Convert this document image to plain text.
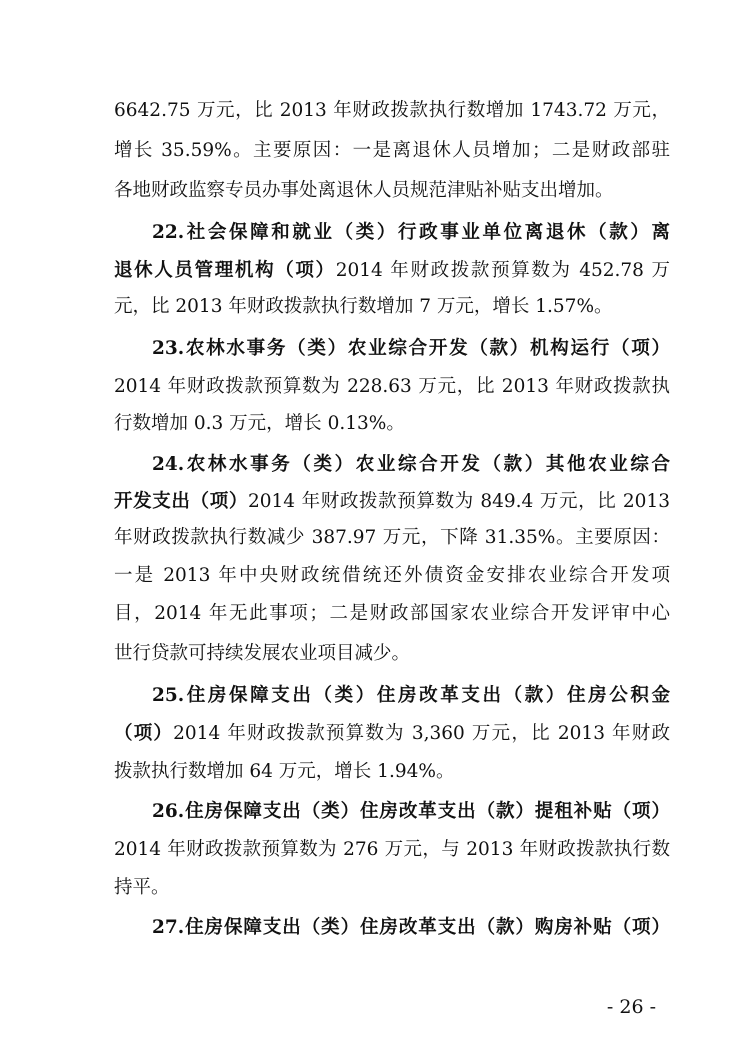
6642.75 万元，比 2013 年财政拨款执行数增加 1743.72 万元，
增长 35.59%。主要原因：一是离退休人员增加；二是财政部驻
各地财政监察专员办事处离退休人员规范津贴补贴支出增加。
22.社会保障和就业（类）行政事业单位离退休（款）离
退休人员管理机构（项）2014 年财政拨款预算数为 452.78 万
元，比 2013 年财政拨款执行数增加 7 万元，增长 1.57%。
23.农林水事务（类）农业综合开发（款）机构运行（项）
2014 年财政拨款预算数为 228.63 万元，比 2013 年财政拨款执
行数增加 0.3 万元，增长 0.13%。
24.农林水事务（类）农业综合开发（款）其他农业综合
开发支出（项）2014 年财政拨款预算数为 849.4 万元，比 2013
年财政拨款执行数减少 387.97 万元，下降 31.35%。主要原因：
一是 2013 年中央财政统借统还外债资金安排农业综合开发项
目，2014 年无此事项；二是财政部国家农业综合开发评审中心
世行贷款可持续发展农业项目减少。
25.住房保障支出（类）住房改革支出（款）住房公积金
（项）2014 年财政拨款预算数为 3,360 万元，比 2013 年财政
拨款执行数增加 64 万元，增长 1.94%。
26.住房保障支出（类）住房改革支出（款）提租补贴（项）
2014 年财政拨款预算数为 276 万元，与 2013 年财政拨款执行数
持平。
27.住房保障支出（类）住房改革支出（款）购房补贴（项）
- 26 -
